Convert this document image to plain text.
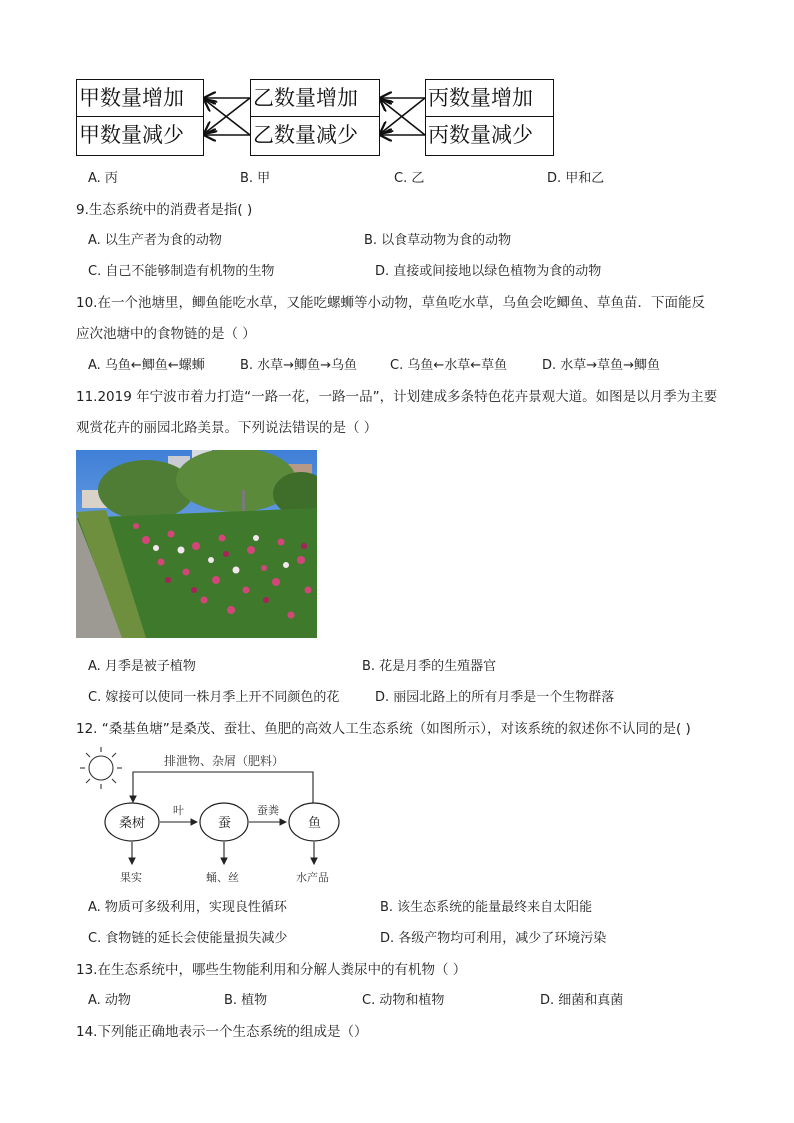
甲数量增加
甲数量减少
乙数量增加
乙数量减少
丙数量增加
丙数量减少
A. 丙	B. 甲	C. 乙	D. 甲和乙
9.生态系统中的消费者是指( )
A. 以生产者为食的动物	B. 以食草动物为食的动物
C. 自己不能够制造有机物的生物	D. 直接或间接地以绿色植物为食的动物
10.在一个池塘里，鲫鱼能吃水草，又能吃螺蛳等小动物，草鱼吃水草，乌鱼会吃鲫鱼、草鱼苗．下面能反
应次池塘中的食物链的是（ ）
A. 乌鱼←鲫鱼←螺蛳	B. 水草→鲫鱼→乌鱼	C. 乌鱼←水草←草鱼	D. 水草→草鱼→鲫鱼
11.2019 年宁波市着力打造“一路一花，一路一品”，计划建成多条特色花卉景观大道。如图是以月季为主要
观赏花卉的丽园北路美景。下列说法错误的是（ ）
A. 月季是被子植物	B. 花是月季的生殖器官
C. 嫁接可以使同一株月季上开不同颜色的花	D. 丽园北路上的所有月季是一个生物群落
12. “桑基鱼塘”是桑茂、蚕壮、鱼肥的高效人工生态系统（如图所示），对该系统的叙述你不认同的是( )
排泄物、杂屑（肥料）
桑树	蚕	鱼
叶	蚕粪
果实	蛹、丝	水产品
A. 物质可多级利用，实现良性循环	B. 该生态系统的能量最终来自太阳能
C. 食物链的延长会使能量损失减少	D. 各级产物均可利用，减少了环境污染
13.在生态系统中，哪些生物能利用和分解人粪尿中的有机物（ ）
A. 动物	B. 植物	C. 动物和植物	D. 细菌和真菌
14.下列能正确地表示一个生态系统的组成是（）
